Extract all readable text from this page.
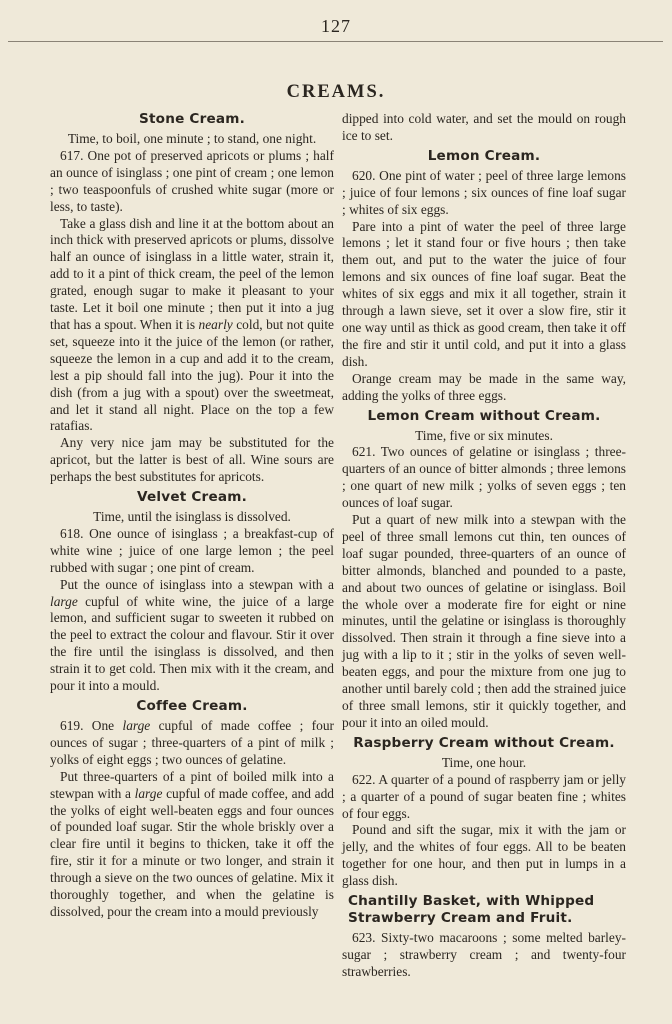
127
CREAMS.
Stone Cream.

Time, to boil, one minute ; to stand, one night.

617. One pot of preserved apricots or plums ; half an ounce of isinglass ; one pint of cream ; one lemon ; two teaspoonfuls of crushed white sugar (more or less, to taste).

Take a glass dish and line it at the bottom about an inch thick with preserved apricots or plums, dissolve half an ounce of isinglass in a little water, strain it, add to it a pint of thick cream, the peel of the lemon grated, enough sugar to make it pleasant to your taste. Let it boil one minute ; then put it into a jug that has a spout. When it is nearly cold, but not quite set, squeeze into it the juice of the lemon (or rather, squeeze the lemon in a cup and add it to the cream, lest a pip should fall into the jug). Pour it into the dish (from a jug with a spout) over the sweetmeat, and let it stand all night. Place on the top a few ratafias.

Any very nice jam may be substituted for the apricot, but the latter is best of all. Wine sours are perhaps the best substitutes for apricots.

Velvet Cream.

Time, until the isinglass is dissolved.

618. One ounce of isinglass ; a breakfast-cup of white wine ; juice of one large lemon ; the peel rubbed with sugar ; one pint of cream.

Put the ounce of isinglass into a stewpan with a large cupful of white wine, the juice of a large lemon, and sufficient sugar to sweeten it rubbed on the peel to extract the colour and flavour. Stir it over the fire until the isinglass is dissolved, and then strain it to get cold. Then mix with it the cream, and pour it into a mould.

Coffee Cream.

619. One large cupful of made coffee ; four ounces of sugar ; three-quarters of a pint of milk ; yolks of eight eggs ; two ounces of gelatine.

Put three-quarters of a pint of boiled milk into a stewpan with a large cupful of made coffee, and add the yolks of eight well-beaten eggs and four ounces of pounded loaf sugar. Stir the whole briskly over a clear fire until it begins to thicken, take it off the fire, stir it for a minute or two longer, and strain it through a sieve on the two ounces of gelatine. Mix it thoroughly together, and when the gelatine is dissolved, pour the cream into a mould previously

dipped into cold water, and set the mould on rough ice to set.

Lemon Cream.

620. One pint of water ; peel of three large lemons ; juice of four lemons ; six ounces of fine loaf sugar ; whites of six eggs.

Pare into a pint of water the peel of three large lemons ; let it stand four or five hours ; then take them out, and put to the water the juice of four lemons and six ounces of fine loaf sugar. Beat the whites of six eggs and mix it all together, strain it through a lawn sieve, set it over a slow fire, stir it one way until as thick as good cream, then take it off the fire and stir it until cold, and put it into a glass dish.

Orange cream may be made in the same way, adding the yolks of three eggs.

Lemon Cream without Cream.

Time, five or six minutes.

621. Two ounces of gelatine or isinglass ; three-quarters of an ounce of bitter almonds ; three lemons ; one quart of new milk ; yolks of seven eggs ; ten ounces of loaf sugar.

Put a quart of new milk into a stewpan with the peel of three small lemons cut thin, ten ounces of loaf sugar pounded, three-quarters of an ounce of bitter almonds, blanched and pounded to a paste, and about two ounces of gelatine or isinglass. Boil the whole over a moderate fire for eight or nine minutes, until the gelatine or isinglass is thoroughly dissolved. Then strain it through a fine sieve into a jug with a lip to it ; stir in the yolks of seven well-beaten eggs, and pour the mixture from one jug to another until barely cold ; then add the strained juice of three small lemons, stir it quickly together, and pour it into an oiled mould.

Raspberry Cream without Cream.

Time, one hour.

622. A quarter of a pound of raspberry jam or jelly ; a quarter of a pound of sugar beaten fine ; whites of four eggs.

Pound and sift the sugar, mix it with the jam or jelly, and the whites of four eggs. All to be beaten together for one hour, and then put in lumps in a glass dish.

Chantilly Basket, with Whipped Strawberry Cream and Fruit.

623. Sixty-two macaroons ; some melted barley-sugar ; strawberry cream ; and twenty-four strawberries.
